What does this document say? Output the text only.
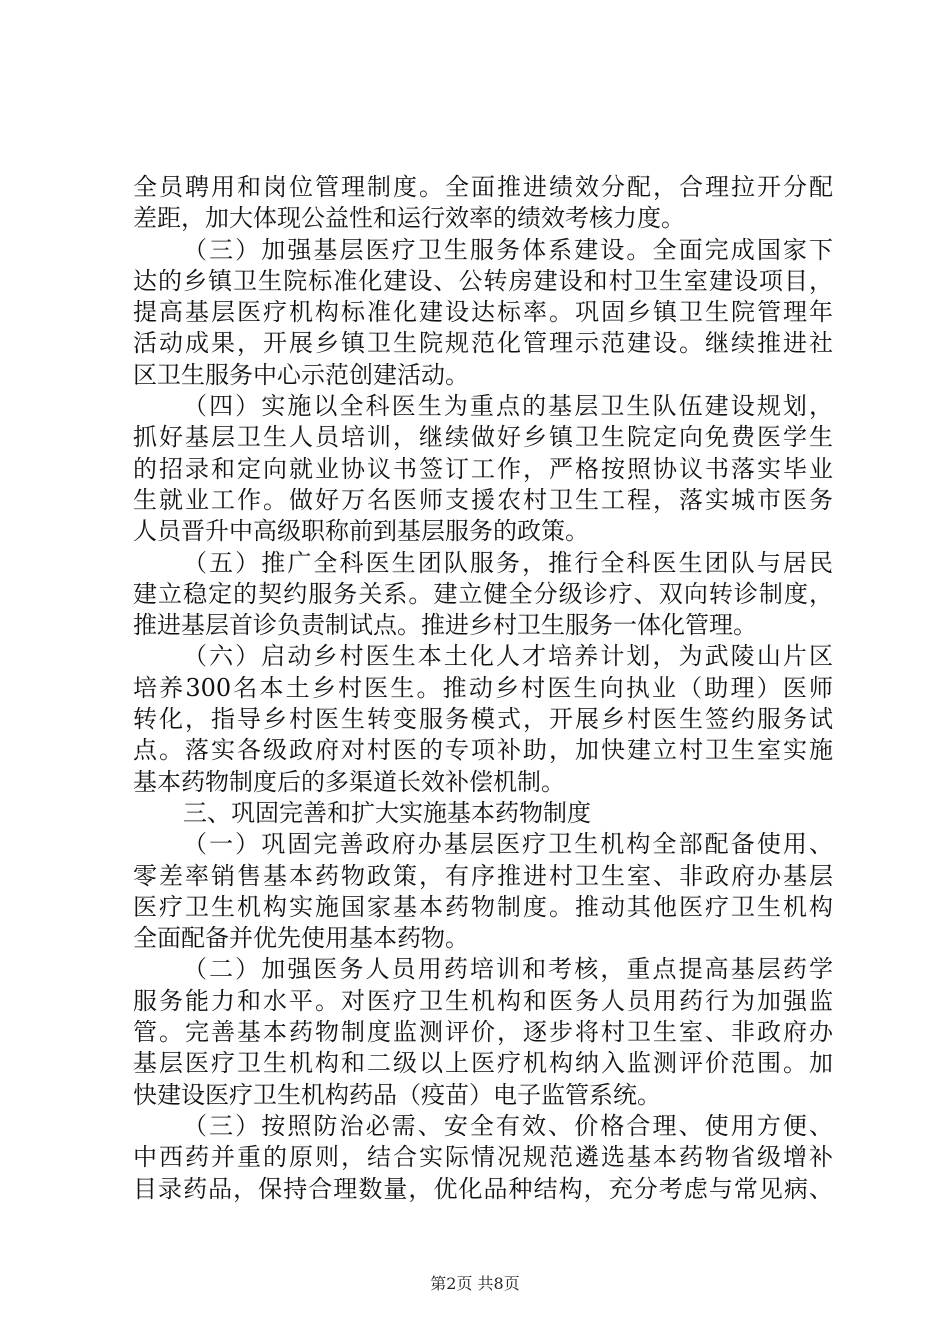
全员聘用和岗位管理制度。全面推进绩效分配，合理拉开分配
差距，加大体现公益性和运行效率的绩效考核力度。
（三）加强基层医疗卫生服务体系建设。全面完成国家下
达的乡镇卫生院标准化建设、公转房建设和村卫生室建设项目，
提高基层医疗机构标准化建设达标率。巩固乡镇卫生院管理年
活动成果，开展乡镇卫生院规范化管理示范建设。继续推进社
区卫生服务中心示范创建活动。
（四）实施以全科医生为重点的基层卫生队伍建设规划，
抓好基层卫生人员培训，继续做好乡镇卫生院定向免费医学生
的招录和定向就业协议书签订工作，严格按照协议书落实毕业
生就业工作。做好万名医师支援农村卫生工程，落实城市医务
人员晋升中高级职称前到基层服务的政策。
（五）推广全科医生团队服务，推行全科医生团队与居民
建立稳定的契约服务关系。建立健全分级诊疗、双向转诊制度，
推进基层首诊负责制试点。推进乡村卫生服务一体化管理。
（六）启动乡村医生本土化人才培养计划，为武陵山片区
培养300名本土乡村医生。推动乡村医生向执业（助理）医师
转化，指导乡村医生转变服务模式，开展乡村医生签约服务试
点。落实各级政府对村医的专项补助，加快建立村卫生室实施
基本药物制度后的多渠道长效补偿机制。
三、巩固完善和扩大实施基本药物制度
（一）巩固完善政府办基层医疗卫生机构全部配备使用、
零差率销售基本药物政策，有序推进村卫生室、非政府办基层
医疗卫生机构实施国家基本药物制度。推动其他医疗卫生机构
全面配备并优先使用基本药物。
（二）加强医务人员用药培训和考核，重点提高基层药学
服务能力和水平。对医疗卫生机构和医务人员用药行为加强监
管。完善基本药物制度监测评价，逐步将村卫生室、非政府办
基层医疗卫生机构和二级以上医疗机构纳入监测评价范围。加
快建设医疗卫生机构药品（疫苗）电子监管系统。
（三）按照防治必需、安全有效、价格合理、使用方便、
中西药并重的原则，结合实际情况规范遴选基本药物省级增补
目录药品，保持合理数量，优化品种结构，充分考虑与常见病、
第2页 共8页
